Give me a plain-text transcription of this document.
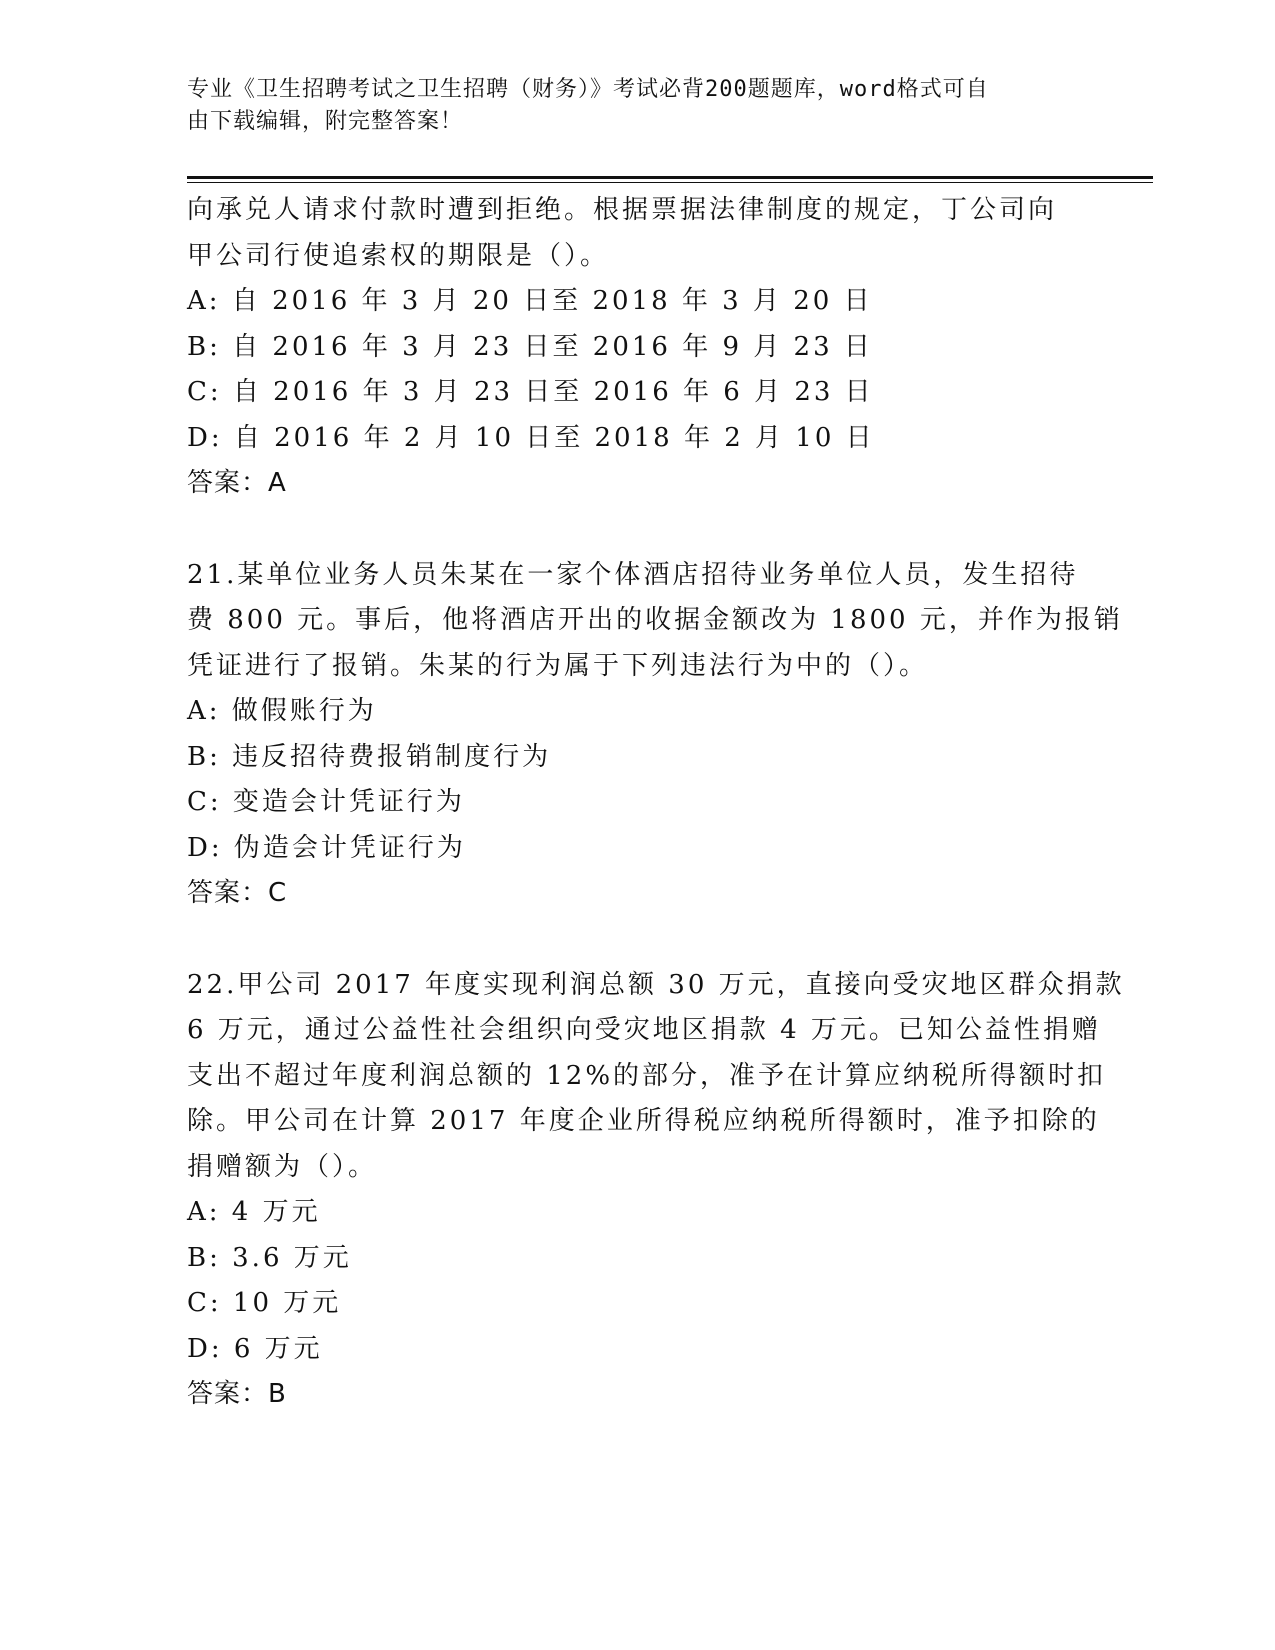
专业《卫生招聘考试之卫生招聘（财务）》考试必背200题题库，word格式可自
由下载编辑，附完整答案！
向承兑人请求付款时遭到拒绝。根据票据法律制度的规定，丁公司向
甲公司行使追索权的期限是（）。
A: 自 2016 年 3 月 20 日至 2018 年 3 月 20 日
B: 自 2016 年 3 月 23 日至 2016 年 9 月 23 日
C: 自 2016 年 3 月 23 日至 2016 年 6 月 23 日
D: 自 2016 年 2 月 10 日至 2018 年 2 月 10 日
答案：A
21.某单位业务人员朱某在一家个体酒店招待业务单位人员，发生招待
费 800 元。事后，他将酒店开出的收据金额改为 1800 元，并作为报销
凭证进行了报销。朱某的行为属于下列违法行为中的（）。
A: 做假账行为
B: 违反招待费报销制度行为
C: 变造会计凭证行为
D: 伪造会计凭证行为
答案：C
22.甲公司 2017 年度实现利润总额 30 万元，直接向受灾地区群众捐款
6 万元，通过公益性社会组织向受灾地区捐款 4 万元。已知公益性捐赠
支出不超过年度利润总额的 12%的部分，准予在计算应纳税所得额时扣
除。甲公司在计算 2017 年度企业所得税应纳税所得额时，准予扣除的
捐赠额为（）。
A: 4 万元
B: 3.6 万元
C: 10 万元
D: 6 万元
答案：B
